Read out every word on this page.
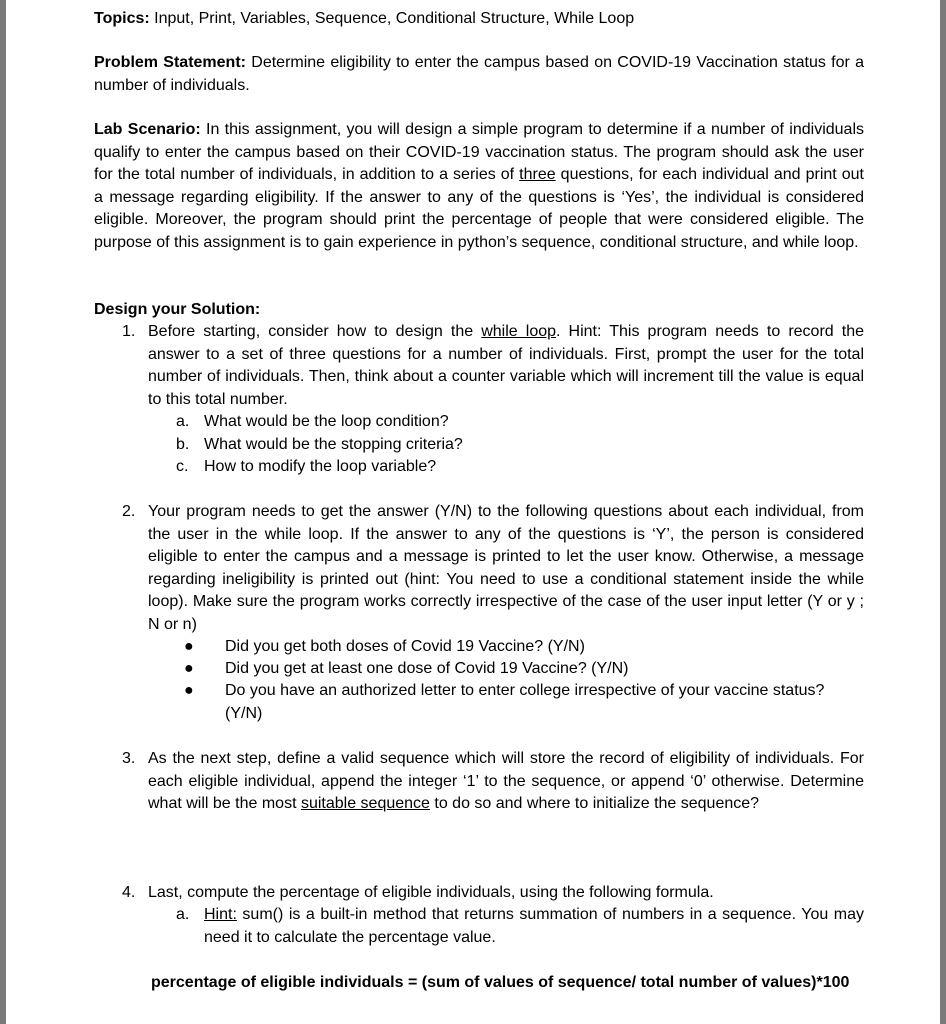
Topics: Input, Print, Variables, Sequence, Conditional Structure, While Loop
Problem Statement: Determine eligibility to enter the campus based on COVID-19 Vaccination status for a number of individuals.
Lab Scenario: In this assignment, you will design a simple program to determine if a number of individuals qualify to enter the campus based on their COVID-19 vaccination status. The program should ask the user for the total number of individuals, in addition to a series of three questions, for each individual and print out a message regarding eligibility. If the answer to any of the questions is ‘Yes’, the individual is considered eligible. Moreover, the program should print the percentage of people that were considered eligible. The purpose of this assignment is to gain experience in python’s sequence, conditional structure, and while loop.
Design your Solution:
1. Before starting, consider how to design the while loop. Hint: This program needs to record the answer to a set of three questions for a number of individuals. First, prompt the user for the total number of individuals. Then, think about a counter variable which will increment till the value is equal to this total number.
a. What would be the loop condition?
b. What would be the stopping criteria?
c. How to modify the loop variable?
2. Your program needs to get the answer (Y/N) to the following questions about each individual, from the user in the while loop. If the answer to any of the questions is ‘Y’, the person is considered eligible to enter the campus and a message is printed to let the user know. Otherwise, a message regarding ineligibility is printed out (hint: You need to use a conditional statement inside the while loop). Make sure the program works correctly irrespective of the case of the user input letter (Y or y ; N or n)
● Did you get both doses of Covid 19 Vaccine? (Y/N)
● Did you get at least one dose of Covid 19 Vaccine? (Y/N)
● Do you have an authorized letter to enter college irrespective of your vaccine status? (Y/N)
3. As the next step, define a valid sequence which will store the record of eligibility of individuals. For each eligible individual, append the integer ‘1’ to the sequence, or append ‘0’ otherwise. Determine what will be the most suitable sequence to do so and where to initialize the sequence?
4. Last, compute the percentage of eligible individuals, using the following formula.
a. Hint: sum() is a built-in method that returns summation of numbers in a sequence. You may need it to calculate the percentage value.
percentage of eligible individuals = (sum of values of sequence/ total number of values)*100
